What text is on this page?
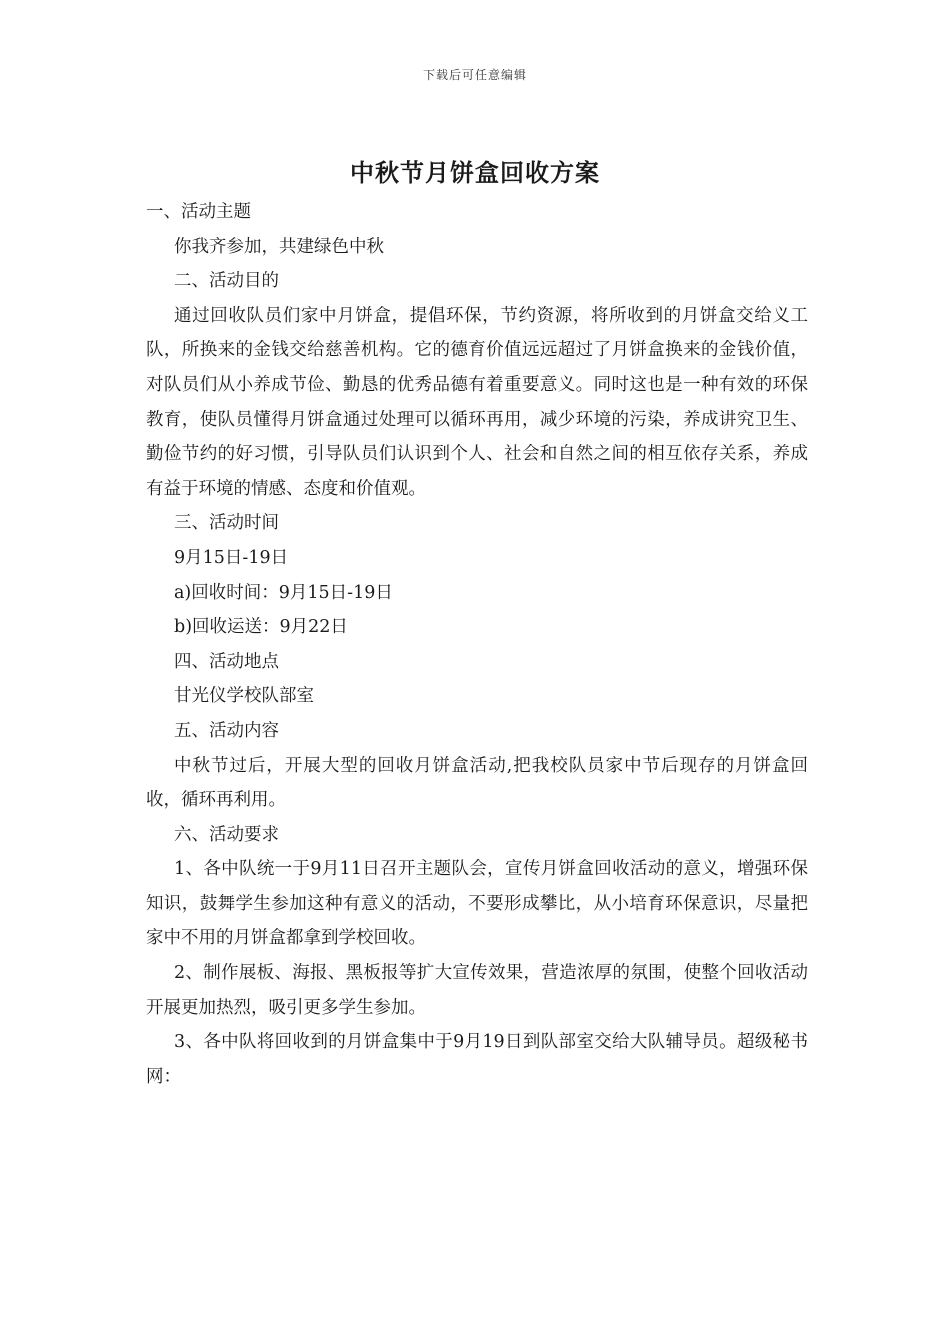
下载后可任意编辑
中秋节月饼盒回收方案

一、活动主题

你我齐参加，共建绿色中秋

二、活动目的

通过回收队员们家中月饼盒，提倡环保，节约资源，将所收到的月饼盒交给义工队，所换来的金钱交给慈善机构。它的德育价值远远超过了月饼盒换来的金钱价值，对队员们从小养成节俭、勤恳的优秀品德有着重要意义。同时这也是一种有效的环保教育，使队员懂得月饼盒通过处理可以循环再用，减少环境的污染，养成讲究卫生、勤俭节约的好习惯，引导队员们认识到个人、社会和自然之间的相互依存关系，养成有益于环境的情感、态度和价值观。

三、活动时间

9月15日-19日

a)回收时间：9月15日-19日

b)回收运送：9月22日

四、活动地点

甘光仪学校队部室

五、活动内容

中秋节过后，开展大型的回收月饼盒活动,把我校队员家中节后现存的月饼盒回收，循环再利用。

六、活动要求

1、各中队统一于9月11日召开主题队会，宣传月饼盒回收活动的意义，增强环保知识，鼓舞学生参加这种有意义的活动，不要形成攀比，从小培育环保意识，尽量把家中不用的月饼盒都拿到学校回收。

2、制作展板、海报、黑板报等扩大宣传效果，营造浓厚的氛围，使整个回收活动开展更加热烈，吸引更多学生参加。

3、各中队将回收到的月饼盒集中于9月19日到队部室交给大队辅导员。超级秘书网：
